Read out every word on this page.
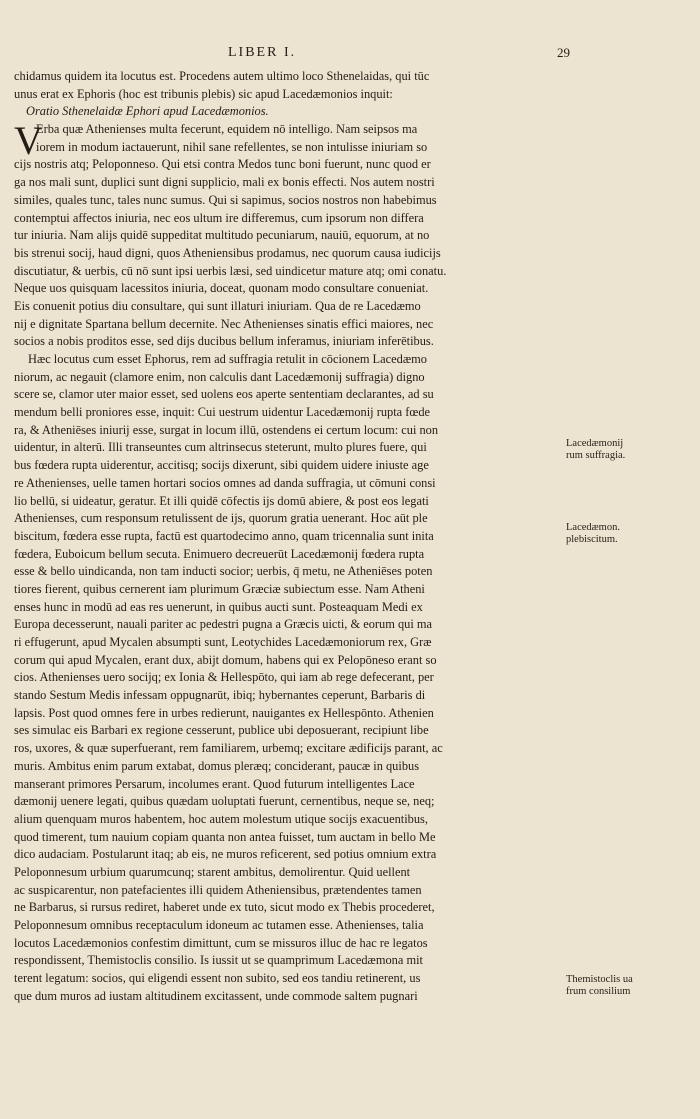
LIBER I.	29
chidamus quidem ita locutus est. Procedens autem ultimo loco Sthenelaidas, qui tūc
unus erat ex Ephoris (hoc est tribunis plebis) sic apud Lacedæmonios inquit:
Oratio Sthenelaidæ Ephori apud Lacedæmonios.
V
Erba quæ Athenienses multa fecerunt, equidem nō intelligo. Nam seipsos ma
iorem in modum iactauerunt, nihil sane refellentes, se non intulisse iniuriam so
cijs nostris atq; Peloponneso. Qui etsi contra Medos tunc boni fuerunt, nunc quod er
ga nos mali sunt, duplici sunt digni supplicio, mali ex bonis effecti. Nos autem nostri
similes, quales tunc, tales nunc sumus. Qui si sapimus, socios nostros non habebimus
contemptui affectos iniuria, nec eos ultum ire differemus, cum ipsorum non differa
tur iniuria. Nam alijs quidē suppeditat multitudo pecuniarum, nauiū, equorum, at no
bis strenui socij, haud digni, quos Atheniensibus prodamus, nec quorum causa iudicijs
discutiatur, & uerbis, cū nō sunt ipsi uerbis læsi, sed uindicetur mature atq; omi conatu.
Neque uos quisquam lacessitos iniuria, doceat, quonam modo consultare conueniat.
Eis conuenit potius diu consultare, qui sunt illaturi iniuriam. Qua de re Lacedæmo
nij e dignitate Spartana bellum decernite. Nec Athenienses sinatis effici maiores, nec
socios a nobis proditos esse, sed dijs ducibus bellum inferamus, iniuriam inferētibus.
Hæc locutus cum esset Ephorus, rem ad suffragia retulit in cōcionem Lacedæmo
niorum, ac negauit (clamore enim, non calculis dant Lacedæmonij suffragia) digno
scere se, clamor uter maior esset, sed uolens eos aperte sententiam declarantes, ad su
mendum belli proniores esse, inquit: Cui uestrum uidentur Lacedæmonij rupta fœde
ra, & Atheniēses iniurij esse, surgat in locum illū, ostendens ei certum locum: cui non
uidentur, in alterū. Illi transeuntes cum altrinsecus steterunt, multo plures fuere, qui
bus fœdera rupta uiderentur, accitisq; socijs dixerunt, sibi quidem uidere iniuste age
re Athenienses, uelle tamen hortari socios omnes ad danda suffragia, ut cōmuni consi
lio bellū, si uideatur, geratur. Et illi quidē cōfectis ijs domū abiere, & post eos legati
Athenienses, cum responsum retulissent de ijs, quorum gratia uenerant. Hoc aūt ple
biscitum, fœdera esse rupta, factū est quartodecimo anno, quam tricennalia sunt inita
fœdera, Euboicum bellum secuta. Enimuero decreuerūt Lacedæmonij fœdera rupta
esse & bello uindicanda, non tam inducti socior; uerbis, q̄ metu, ne Atheniēses poten
tiores fierent, quibus cernerent iam plurimum Græciæ subiectum esse. Nam Atheni
enses hunc in modū ad eas res uenerunt, in quibus aucti sunt. Posteaquam Medi ex
Europa decesserunt, nauali pariter ac pedestri pugna a Græcis uicti, & eorum qui ma
ri effugerunt, apud Mycalen absumpti sunt, Leotychides Lacedæmoniorum rex, Græ
corum qui apud Mycalen, erant dux, abijt domum, habens qui ex Pelopōneso erant so
cios. Athenienses uero socijq; ex Ionia & Hellespōto, qui iam ab rege defecerant, per
stando Sestum Medis infessam oppugnarūt, ibiq; hybernantes ceperunt, Barbaris di
lapsis. Post quod omnes fere in urbes redierunt, nauigantes ex Hellespōnto. Athenien
ses simulac eis Barbari ex regione cesserunt, publice ubi deposuerant, recipiunt libe
ros, uxores, & quæ superfuerant, rem familiarem, urbemq; excitare ædificijs parant, ac
muris. Ambitus enim parum extabat, domus pleræq; conciderant, paucæ in quibus
manserant primores Persarum, incolumes erant. Quod futurum intelligentes Lace
dæmonij uenere legati, quibus quædam uoluptati fuerunt, cernentibus, neque se, neq;
alium quenquam muros habentem, hoc autem molestum utique socijs exacuentibus,
quod timerent, tum nauium copiam quanta non antea fuisset, tum auctam in bello Me
dico audaciam. Postularunt itaq; ab eis, ne muros reficerent, sed potius omnium extra
Peloponnesum urbium quarumcunq; starent ambitus, demolirentur. Quid uellent
ac suspicarentur, non patefacientes illi quidem Atheniensibus, prætendentes tamen
ne Barbarus, si rursus rediret, haberet unde ex tuto, sicut modo ex Thebis procederet,
Peloponnesum omnibus receptaculum idoneum ac tutamen esse. Athenienses, talia
locutos Lacedæmonios confestim dimittunt, cum se missuros illuc de hac re legatos
respondissent, Themistoclis consilio. Is iussit ut se quamprimum Lacedæmona mit
terent legatum: socios, qui eligendi essent non subito, sed eos tandiu retinerent, us
que dum muros ad iustam altitudinem excitassent, unde commode saltem pugnari
Lacedæmonij
rum suffragia.
Lacedæmon.
plebiscitum.
Themistoclis ua
frum consilium
